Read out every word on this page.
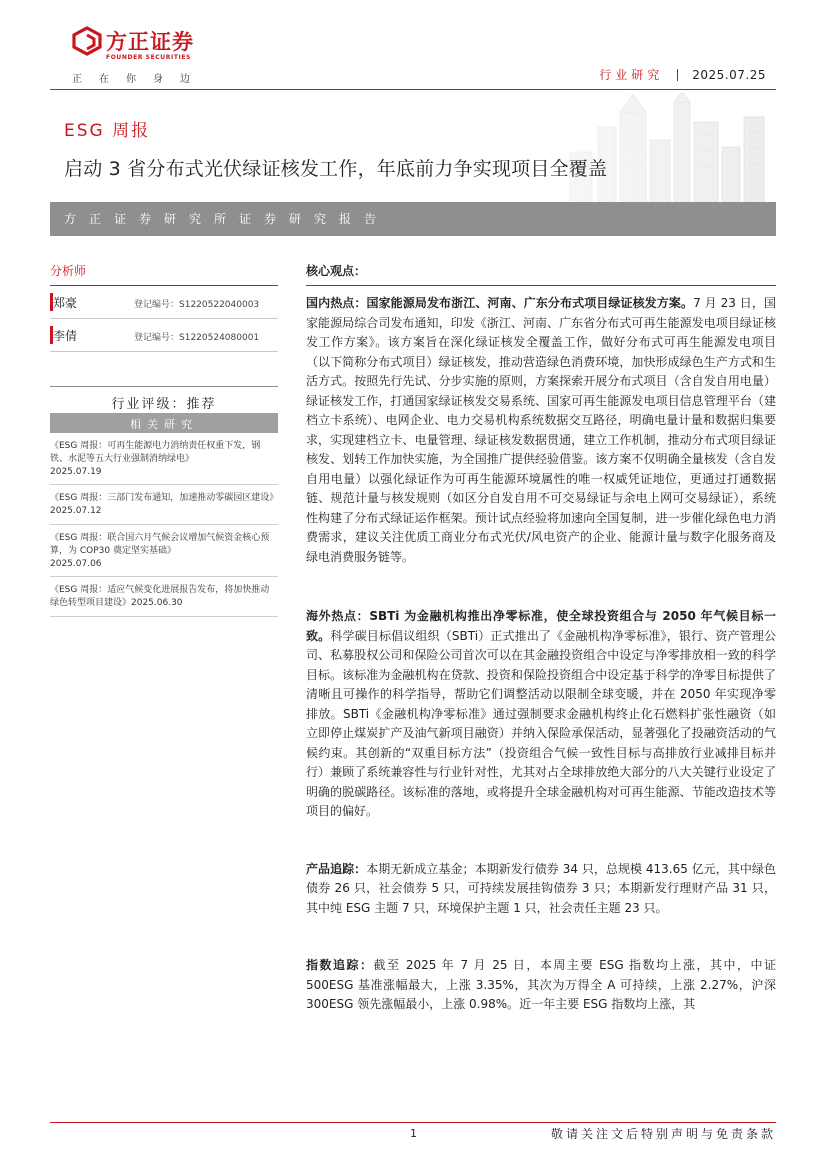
方正证券
FOUNDER SECURITIES
正在你身边	行业研究 2025.07.25
ESG 周报
启动 3 省分布式光伏绿证核发工作，年底前力争实现项目全覆盖
方正证券研究所证券研究报告
分析师
郑豪	登记编号：S1220522040003
李倩	登记编号：S1220524080001
行业评级：推荐
相关研究
《ESG 周报：可再生能源电力消纳责任权重下发，钢铁、水泥等五大行业强制消纳绿电》
2025.07.19
《ESG 周报：三部门发布通知，加速推动零碳园区建设》2025.07.12
《ESG 周报：联合国六月气候会议增加气候资金核心预算，为 COP30 奠定坚实基础》
2025.07.06
《ESG 周报：适应气候变化进展报告发布，将加快推动绿色转型项目建设》2025.06.30
核心观点：

国内热点：国家能源局发布浙江、河南、广东分布式项目绿证核发方案。7 月 23 日，国家能源局综合司发布通知，印发《浙江、河南、广东省分布式可再生能源发电项目绿证核发工作方案》。该方案旨在深化绿证核发全覆盖工作，做好分布式可再生能源发电项目（以下简称分布式项目）绿证核发，推动营造绿色消费环境，加快形成绿色生产方式和生活方式。按照先行先试、分步实施的原则，方案探索开展分布式项目（含自发自用电量）绿证核发工作，打通国家绿证核发交易系统、国家可再生能源发电项目信息管理平台（建档立卡系统）、电网企业、电力交易机构系统数据交互路径，明确电量计量和数据归集要求，实现建档立卡、电量管理、绿证核发数据贯通，建立工作机制，推动分布式项目绿证核发、划转工作加快实施，为全国推广提供经验借鉴。该方案不仅明确全量核发（含自发自用电量）以强化绿证作为可再生能源环境属性的唯一权威凭证地位，更通过打通数据链、规范计量与核发规则（如区分自发自用不可交易绿证与余电上网可交易绿证），系统性构建了分布式绿证运作框架。预计试点经验将加速向全国复制，进一步催化绿色电力消费需求，建议关注优质工商业分布式光伏/风电资产的企业、能源计量与数字化服务商及绿电消费服务链等。

海外热点：SBTi 为金融机构推出净零标准，使全球投资组合与 2050 年气候目标一致。科学碳目标倡议组织（SBTi）正式推出了《金融机构净零标准》，银行、资产管理公司、私募股权公司和保险公司首次可以在其金融投资组合中设定与净零排放相一致的科学目标。该标准为金融机构在贷款、投资和保险投资组合中设定基于科学的净零目标提供了清晰且可操作的科学指导，帮助它们调整活动以限制全球变暖，并在 2050 年实现净零排放。SBTi《金融机构净零标准》通过强制要求金融机构终止化石燃料扩张性融资（如立即停止煤炭扩产及油气新项目融资）并纳入保险承保活动，显著强化了投融资活动的气候约束。其创新的“双重目标方法”（投资组合气候一致性目标与高排放行业减排目标并行）兼顾了系统兼容性与行业针对性，尤其对占全球排放绝大部分的八大关键行业设定了明确的脱碳路径。该标准的落地，或将提升全球金融机构对可再生能源、节能改造技术等项目的偏好。

产品追踪：本期无新成立基金；本期新发行债券 34 只，总规模 413.65 亿元，其中绿色债券 26 只，社会债券 5 只，可持续发展挂钩债券 3 只；本期新发行理财产品 31 只，其中纯 ESG 主题 7 只，环境保护主题 1 只，社会责任主题 23 只。

指数追踪：截至 2025 年 7 月 25 日，本周主要 ESG 指数均上涨，其中，中证 500ESG 基准涨幅最大，上涨 3.35%，其次为万得全 A 可持续，上涨 2.27%，沪深 300ESG 领先涨幅最小，上涨 0.98%。近一年主要 ESG 指数均上涨，其

1	敬请关注文后特别声明与免责条款
